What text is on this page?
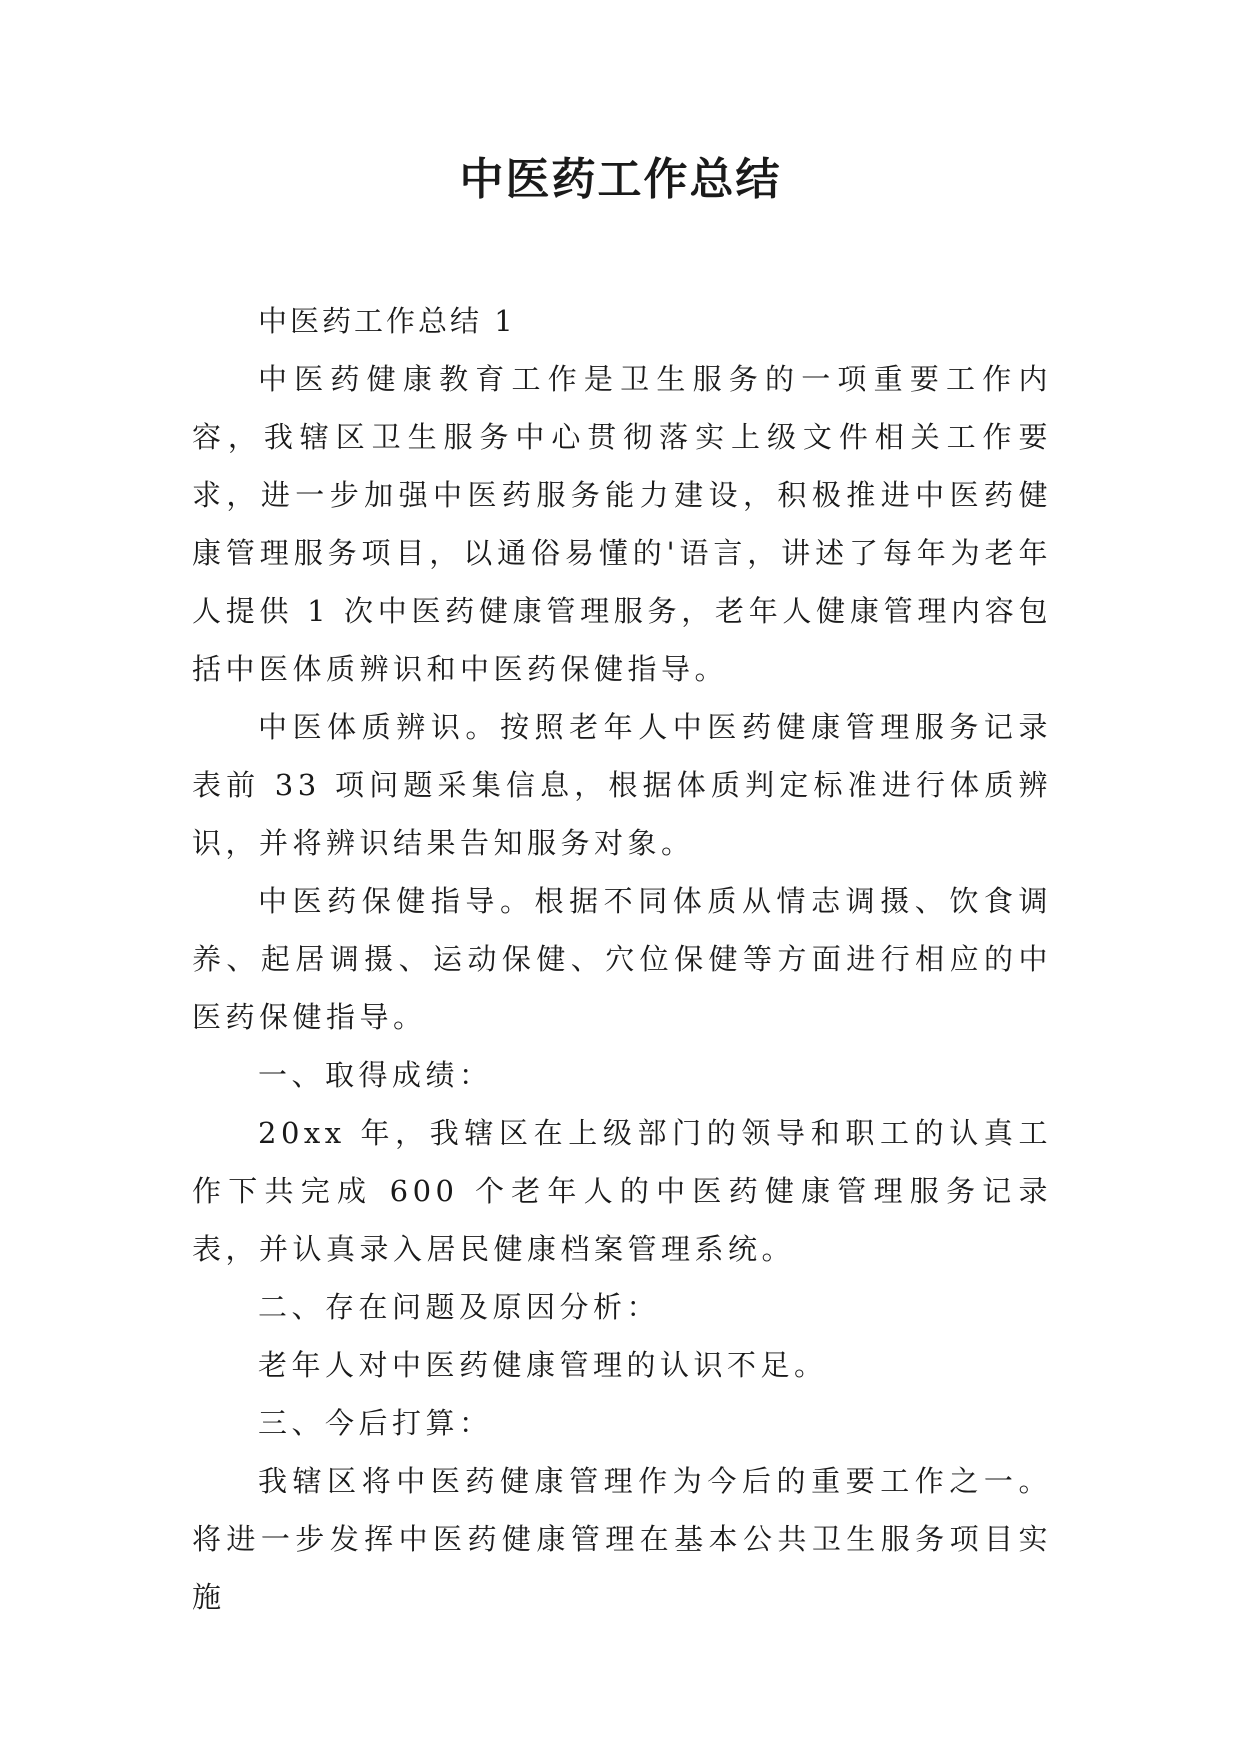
中医药工作总结

中医药工作总结 1

中医药健康教育工作是卫生服务的一项重要工作内容，我辖区卫生服务中心贯彻落实上级文件相关工作要求，进一步加强中医药服务能力建设，积极推进中医药健康管理服务项目，以通俗易懂的'语言，讲述了每年为老年人提供 1 次中医药健康管理服务，老年人健康管理内容包括中医体质辨识和中医药保健指导。

中医体质辨识。按照老年人中医药健康管理服务记录表前 33 项问题采集信息，根据体质判定标准进行体质辨识，并将辨识结果告知服务对象。

中医药保健指导。根据不同体质从情志调摄、饮食调养、起居调摄、运动保健、穴位保健等方面进行相应的中医药保健指导。

一、取得成绩：

20xx 年，我辖区在上级部门的领导和职工的认真工作下共完成 600 个老年人的中医药健康管理服务记录表，并认真录入居民健康档案管理系统。

二、存在问题及原因分析：

老年人对中医药健康管理的认识不足。

三、今后打算：

我辖区将中医药健康管理作为今后的重要工作之一。将进一步发挥中医药健康管理在基本公共卫生服务项目实施
